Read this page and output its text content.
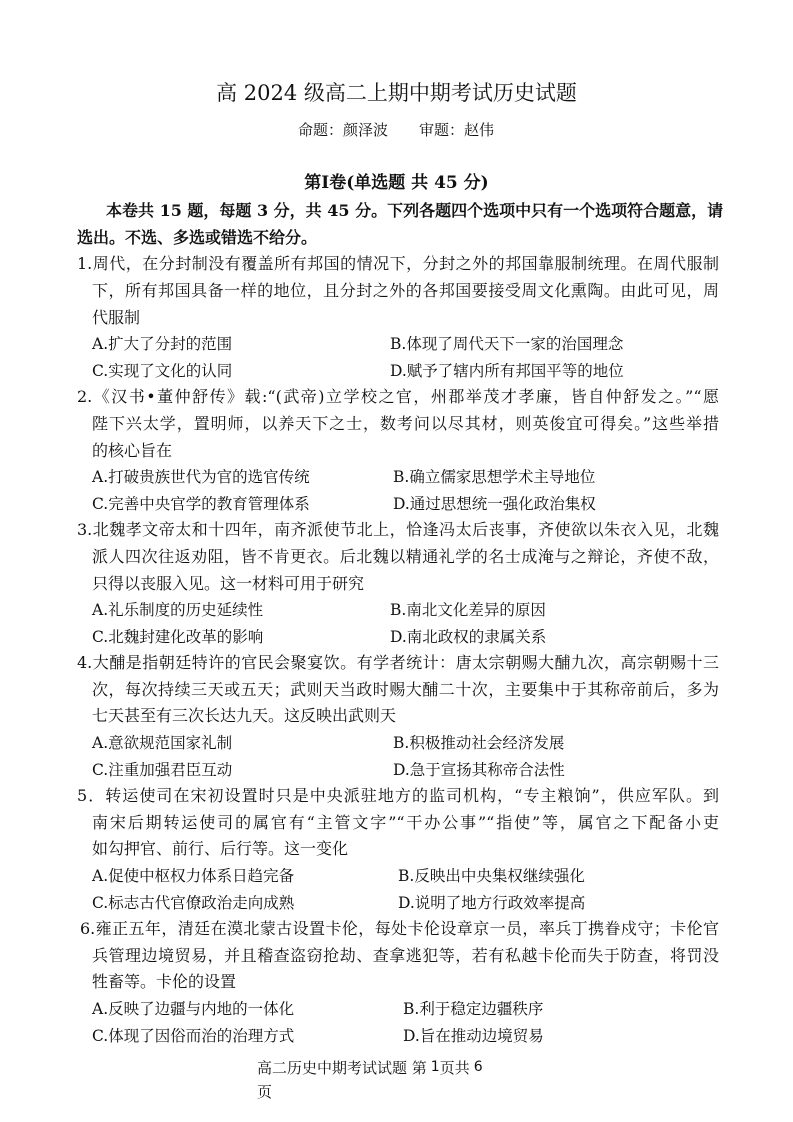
高 2024 级高二上期中期考试历史试题
命题：颜泽波 审题：赵伟
第Ⅰ卷(单选题 共 45 分)
本卷共 15 题，每题 3 分，共 45 分。下列各题四个选项中只有一个选项符合题意，请
选出。不选、多选或错选不给分。
1.周代，在分封制没有覆盖所有邦国的情况下，分封之外的邦国靠服制统理。在周代服制
下，所有邦国具备一样的地位，且分封之外的各邦国要接受周文化熏陶。由此可见，周
代服制
A.扩大了分封的范围	B.体现了周代天下一家的治国理念
C.实现了文化的认同	D.赋予了辖内所有邦国平等的地位
2.《汉书•董仲舒传》载:“(武帝)立学校之官，州郡举茂才孝廉，皆自仲舒发之。”“愿
陛下兴太学，置明师，以养天下之士，数考问以尽其材，则英俊宜可得矣。”这些举措
的核心旨在
A.打破贵族世代为官的选官传统	B.确立儒家思想学术主导地位
C.完善中央官学的教育管理体系	D.通过思想统一强化政治集权
3.北魏孝文帝太和十四年，南齐派使节北上，恰逢冯太后丧事，齐使欲以朱衣入见，北魏
派人四次往返劝阻，皆不肯更衣。后北魏以精通礼学的名士成淹与之辩论，齐使不敌，
只得以丧服入见。这一材料可用于研究
A.礼乐制度的历史延续性	B.南北文化差异的原因
C.北魏封建化改革的影响	D.南北政权的隶属关系
4.大酺是指朝廷特许的官民会聚宴饮。有学者统计：唐太宗朝赐大酺九次，高宗朝赐十三
次，每次持续三天或五天；武则天当政时赐大酺二十次，主要集中于其称帝前后，多为
七天甚至有三次长达九天。这反映出武则天
A.意欲规范国家礼制	B.积极推动社会经济发展
C.注重加强君臣互动	D.急于宣扬其称帝合法性
5．转运使司在宋初设置时只是中央派驻地方的监司机构，“专主粮饷”，供应军队。到
南宋后期转运使司的属官有“主管文字”“干办公事”“指使”等，属官之下配备小吏
如勾押官、前行、后行等。这一变化
A.促使中枢权力体系日趋完备	B.反映出中央集权继续强化
C.标志古代官僚政治走向成熟	D.说明了地方行政效率提高
6.雍正五年，清廷在漠北蒙古设置卡伦，每处卡伦设章京一员，率兵丁携眷戍守；卡伦官
兵管理边境贸易，并且稽查盗窃抢劫、查拿逃犯等，若有私越卡伦而失于防查，将罚没
牲畜等。卡伦的设置
A.反映了边疆与内地的一体化	B.利于稳定边疆秩序
C.体现了因俗而治的治理方式	D.旨在推动边境贸易
高二历史中期考试试题 第 1页共 6
页
